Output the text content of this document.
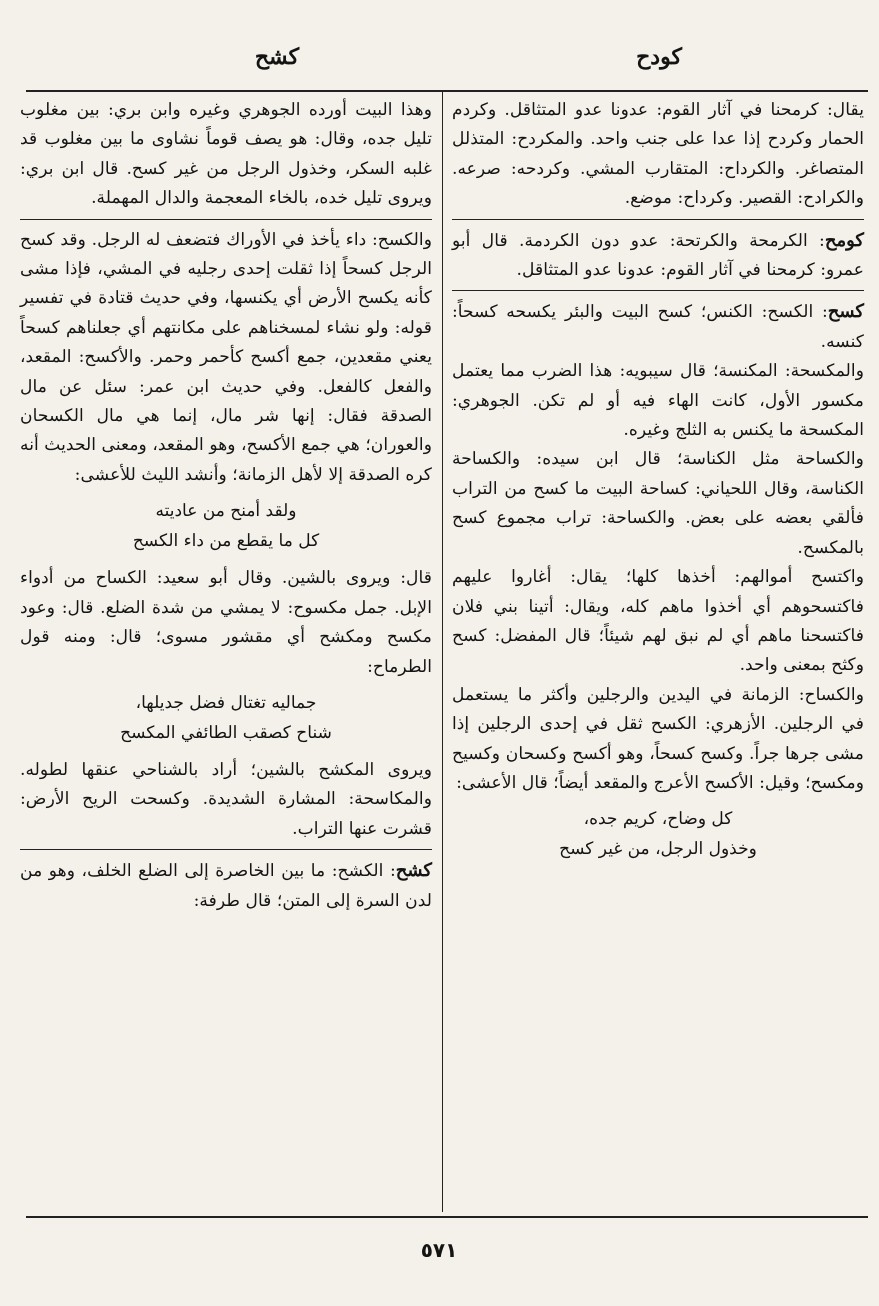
كودح
كشح

يقال: كرمحنا في آثار القوم: عدونا عدو المتثاقل. وكردم الحمار وكردح إذا عدا على جنب واحد. والمكردح: المتذلل المتصاغر. والكرداح: المتقارب المشي. وكردحه: صرعه. والكرادح: القصير. وكرداح: موضع.

كومح: الكرمحة والكرتحة: عدو دون الكردمة. قال أبو عمرو: كرمحنا في آثار القوم: عدونا عدو المتثاقل.

كسح: الكسح: الكنس؛ كسح البيت والبئر يكسحه كسحاً: كنسه.

والمكسحة: المكنسة؛ قال سيبويه: هذا الضرب مما يعتمل مكسور الأول، كانت الهاء فيه أو لم تكن. الجوهري: المكسحة ما يكنس به الثلج وغيره.

والكساحة مثل الكناسة؛ قال ابن سيده: والكساحة الكناسة، وقال اللحياني: كساحة البيت ما كسح من التراب فألقي بعضه على بعض. والكساحة: تراب مجموع كسح بالمكسح.

واكتسح أموالهم: أخذها كلها؛ يقال: أغاروا عليهم فاكتسحوهم أي أخذوا ماهم كله، ويقال: أتينا بني فلان فاكتسحنا ماهم أي لم نبق لهم شيئاً؛ قال المفضل: كسح وكثح بمعنى واحد.

والكساح: الزمانة في اليدين والرجلين وأكثر ما يستعمل في الرجلين. الأزهري: الكسح ثقل في إحدى الرجلين إذا مشى جرها جراً. وكسح كسحاً، وهو أكسح وكسحان وكسيح ومكسح؛ وقيل: الأكسح الأعرج والمقعد أيضاً؛ قال الأعشى:

كل وضاح، كريم جده،
وخذول الرجل، من غير كسح

وهذا البيت أورده الجوهري وغيره وابن بري: بين مغلوب تليل جده، وقال: هو يصف قوماً نشاوى ما بين مغلوب قد غلبه السكر، وخذول الرجل من غير كسح. قال ابن بري: ويروى تليل خده، بالخاء المعجمة والدال المهملة.

والكسح: داء يأخذ في الأوراك فتضعف له الرجل. وقد كسح الرجل كسحاً إذا ثقلت إحدى رجليه في المشي، فإذا مشى كأنه يكسح الأرض أي يكنسها، وفي حديث قتادة في تفسير قوله: ولو نشاء لمسخناهم على مكانتهم أي جعلناهم كسحاً يعني مقعدين، جمع أكسح كأحمر وحمر. والأكسح: المقعد، والفعل كالفعل. وفي حديث ابن عمر: سئل عن مال الصدقة فقال: إنها شر مال، إنما هي مال الكسحان والعوران؛ هي جمع الأكسح، وهو المقعد، ومعنى الحديث أنه كره الصدقة إلا لأهل الزمانة؛ وأنشد الليث للأعشى:

ولقد أمنح من عاديته
كل ما يقطع من داء الكسح

قال: ويروى بالشين. وقال أبو سعيد: الكساح من أدواء الإبل. جمل مكسوح: لا يمشي من شدة الضلع. قال: وعود مكسح ومكشح أي مقشور مسوى؛ قال: ومنه قول الطرماح:

جماليه تغتال فضل جديلها،
شناح كصقب الطائفي المكسح

ويروى المكشح بالشين؛ أراد بالشناحي عنقها لطوله. والمكاسحة: المشارة الشديدة. وكسحت الريح الأرض: قشرت عنها التراب.

كشح: الكشح: ما بين الخاصرة إلى الضلع الخلف، وهو من لدن السرة إلى المتن؛ قال طرفة:

٥٧١
